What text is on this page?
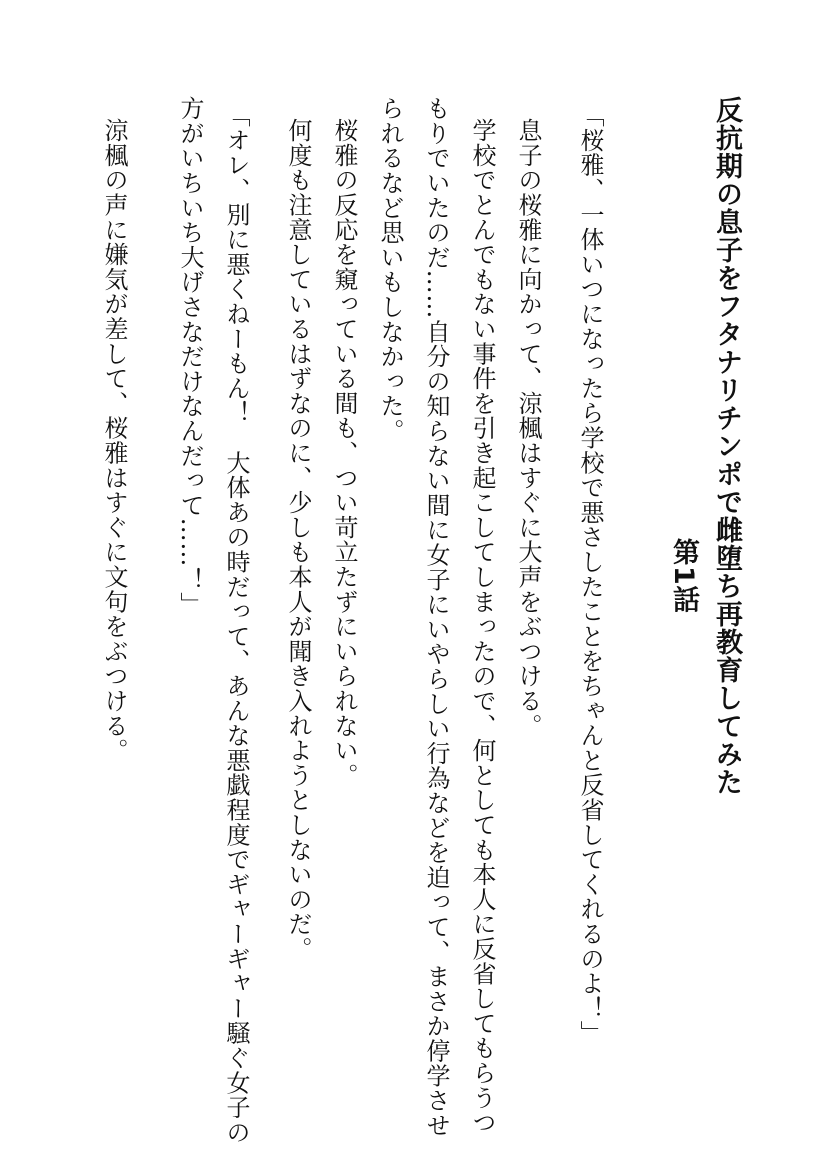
反抗期の息子をフタナリチンポで雌堕ち再教育してみた
第1話
「桜雅、一体いつになったら学校で悪さしたことをちゃんと反省してくれるのよ！」
息子の桜雅に向かって、涼楓はすぐに大声をぶつける。
学校でとんでもない事件を引き起こしてしまったので、何としても本人に反省してもらうつ
もりでいたのだ……自分の知らない間に女子にいやらしい行為などを迫って、まさか停学させ
られるなど思いもしなかった。
桜雅の反応を窺っている間も、つい苛立たずにいられない。
何度も注意しているはずなのに、少しも本人が聞き入れようとしないのだ。
「オレ、別に悪くねーもん！　大体あの時だって、あんな悪戯程度でギャーギャー騒ぐ女子の
方がいちいち大げさなだけなんだって……！」
涼楓の声に嫌気が差して、桜雅はすぐに文句をぶつける。
